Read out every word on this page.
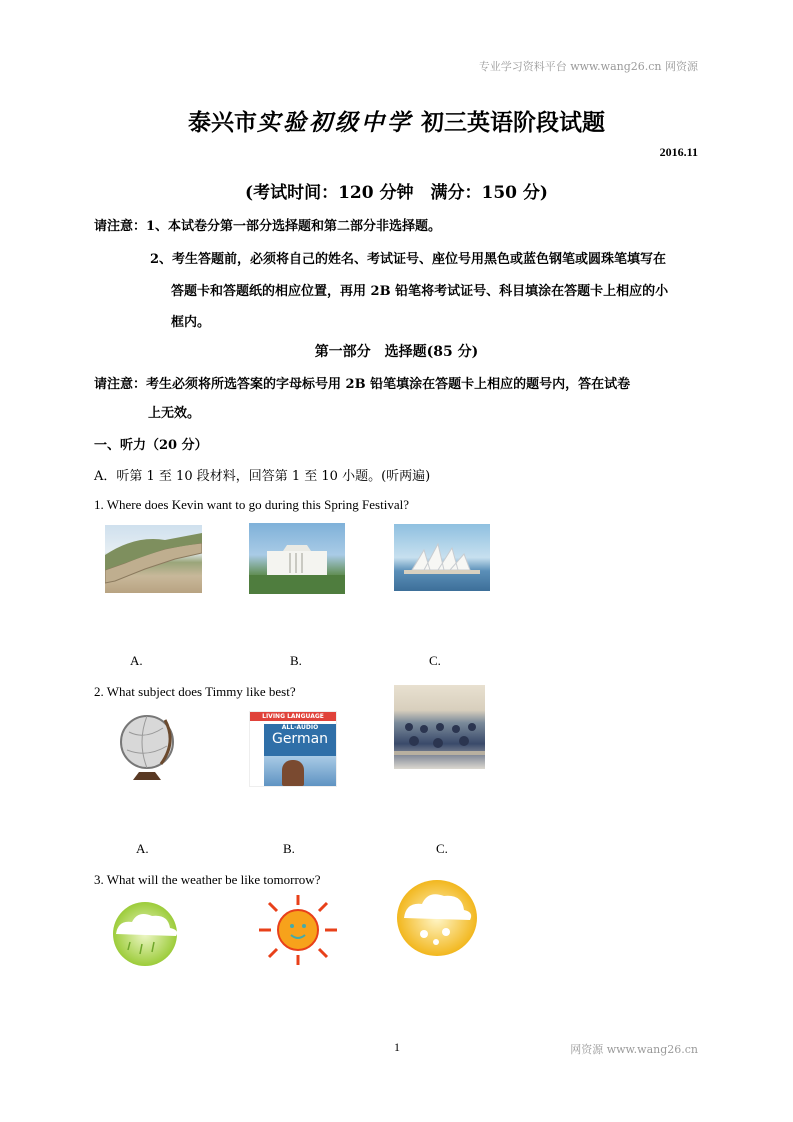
专业学习资料平台 www.wang26.cn 网资源
泰兴市实验初级中学 初三英语阶段试题
2016.11
(考试时间：120 分钟　满分：150 分)
请注意：1、本试卷分第一部分选择题和第二部分非选择题。
2、考生答题前，必须将自己的姓名、考试证号、座位号用黑色或蓝色钢笔或圆珠笔填写在
答题卡和答题纸的相应位置，再用 2B 铅笔将考试证号、科目填涂在答题卡上相应的小
框内。
第一部分　选择题(85 分)
请注意：考生必须将所选答案的字母标号用 2B 铅笔填涂在答题卡上相应的题号内，答在试卷
上无效。
一、听力（20 分）
A．听第 1 至 10 段材料，回答第 1 至 10 小题。(听两遍)
1. Where does Kevin want to go during this Spring Festival?
A.	B.	C.
2. What subject does Timmy like best?
LIVING LANGUAGE
ALL-AUDIO
German
A.	B.	C.
3. What will the weather be like tomorrow?
1	网资源 www.wang26.cn
